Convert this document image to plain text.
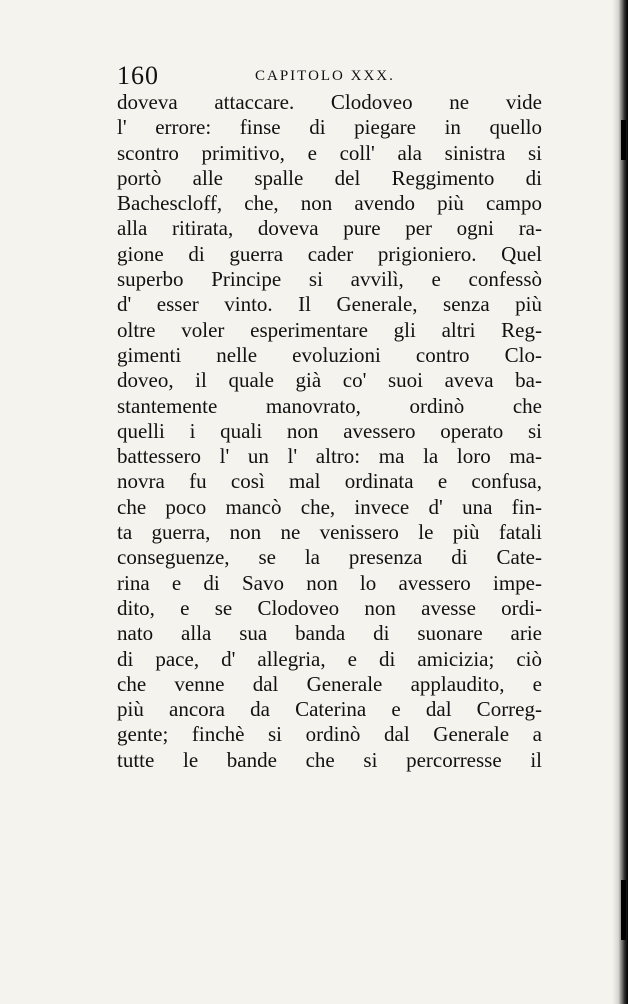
160	CAPITOLO XXX.
doveva attaccare. Clodoveo ne vide
l' errore: finse di piegare in quello
scontro primitivo, e coll' ala sinistra si
portò alle spalle del Reggimento di
Bachescloff, che, non avendo più campo
alla ritirata, doveva pure per ogni ra-
gione di guerra cader prigioniero. Quel
superbo Principe si avvilì, e confessò
d' esser vinto. Il Generale, senza più
oltre voler esperimentare gli altri Reg-
gimenti nelle evoluzioni contro Clo-
doveo, il quale già co' suoi aveva ba-
stantemente manovrato, ordinò che
quelli i quali non avessero operato si
battessero l' un l' altro: ma la loro ma-
novra fu così mal ordinata e confusa,
che poco mancò che, invece d' una fin-
ta guerra, non ne venissero le più fatali
conseguenze, se la presenza di Cate-
rina e di Savo non lo avessero impe-
dito, e se Clodoveo non avesse ordi-
nato alla sua banda di suonare arie
di pace, d' allegria, e di amicizia; ciò
che venne dal Generale applaudito, e
più ancora da Caterina e dal Correg-
gente; finchè si ordinò dal Generale a
tutte le bande che si percorresse il
